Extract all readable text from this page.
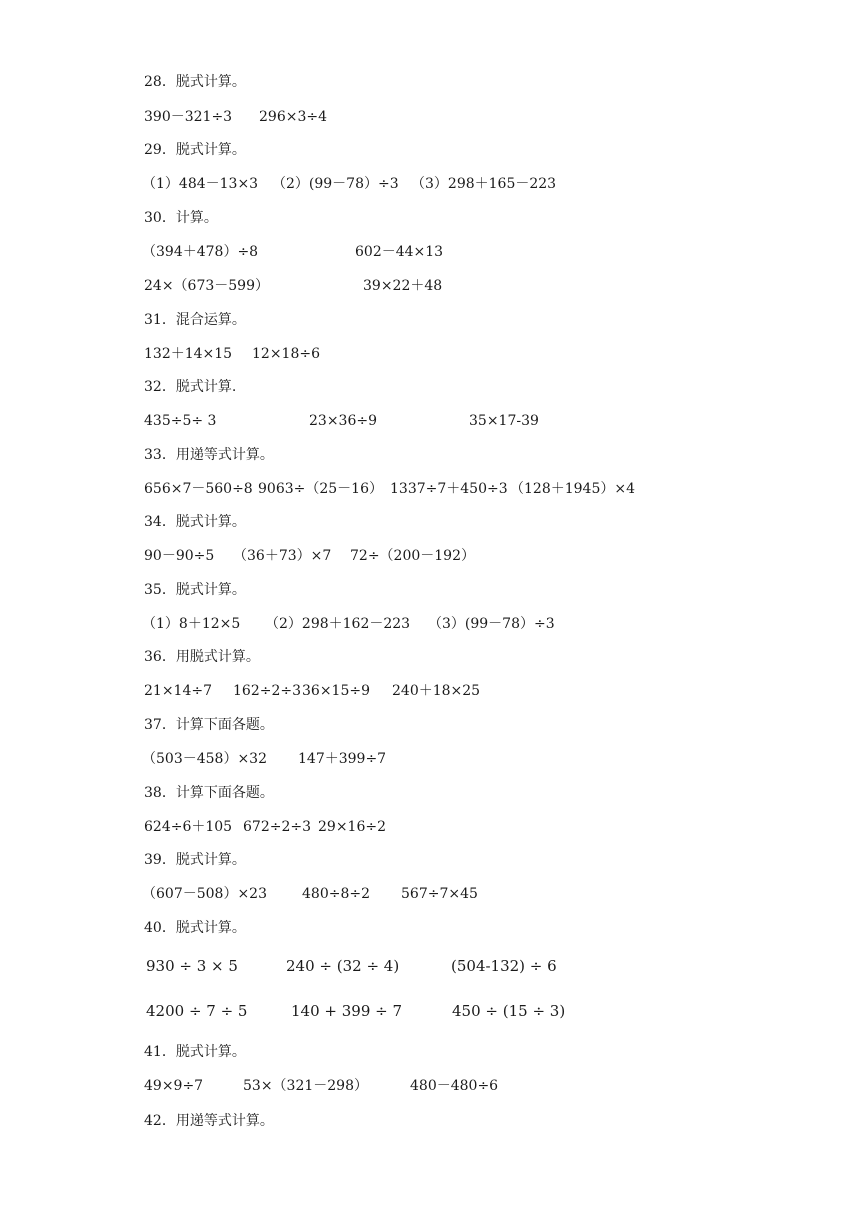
28．脱式计算。
390－321÷3 296×3÷4
29．脱式计算。
（1）484－13×3 （2）(99－78）÷3 （3）298＋165－223
30．计算。
（394＋478）÷8	602－44×13
24×（673－599）	39×22＋48
31．混合运算。
132＋14×15 12×18÷6
32．脱式计算.
435÷5÷ 3	23×36÷9	35×17-39
33．用递等式计算。
656×7－560÷8 9063÷（25－16） 1337÷7＋450÷3 （128＋1945）×4
34．脱式计算。
90－90÷5 （36＋73）×7 72÷（200－192）
35．脱式计算。
（1）8＋12×5 （2）298＋162－223 （3）(99－78）÷3
36．用脱式计算。
21×14÷7 162÷2÷3 36×15÷9 240＋18×25
37．计算下面各题。
（503－458）×32 147＋399÷7
38．计算下面各题。
624÷6＋105 672÷2÷3 29×16÷2
39．脱式计算。
（607－508）×23	480÷8÷2 567÷7×45
40．脱式计算。
930 ÷ 3 × 5	240 ÷ (32 ÷ 4)	(504-132) ÷ 6
4200 ÷ 7 ÷ 5	140 + 399 ÷ 7	450 ÷ (15 ÷ 3)
41．脱式计算。
49×9÷7	53×（321－298）	480－480÷6
42．用递等式计算。
